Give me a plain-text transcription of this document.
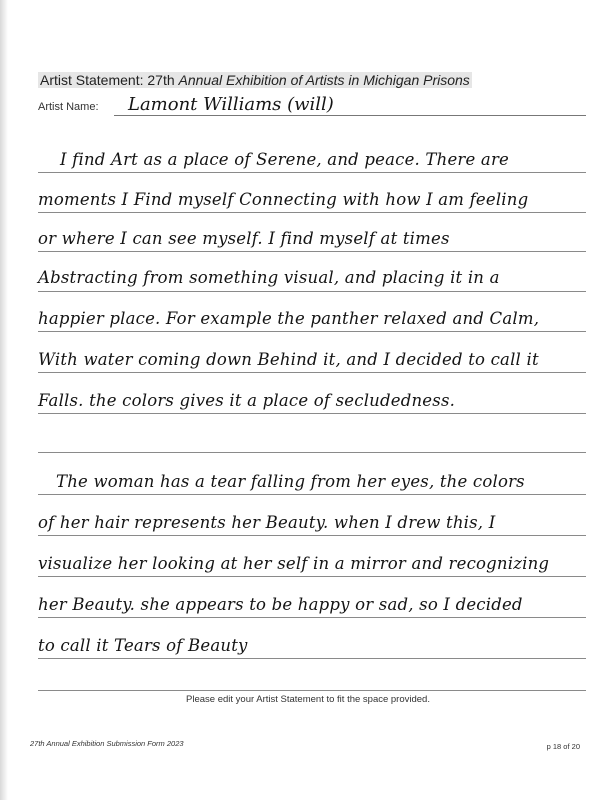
Artist Statement: 27th Annual Exhibition of Artists in Michigan Prisons
Artist Name: Lamont Williams (will)
I find Art as a place of Serene, and peace. There are
moments I Find myself Connecting with how I am feeling
or where I can see myself. I find myself at times
Abstracting from something visual, and placing it in a
happier place. For example the panther relaxed and Calm,
With water coming down Behind it, and I decided to call it
Falls. the colors gives it a place of secludedness.
The woman has a tear falling from her eyes, the colors
of her hair represents her Beauty. when I drew this, I
visualize her looking at her self in a mirror and recognizing
her Beauty. she appears to be happy or sad, so I decided
to call it Tears of Beauty
Please edit your Artist Statement to fit the space provided.
27th Annual Exhibition Submission Form 2023	p 18 of 20
